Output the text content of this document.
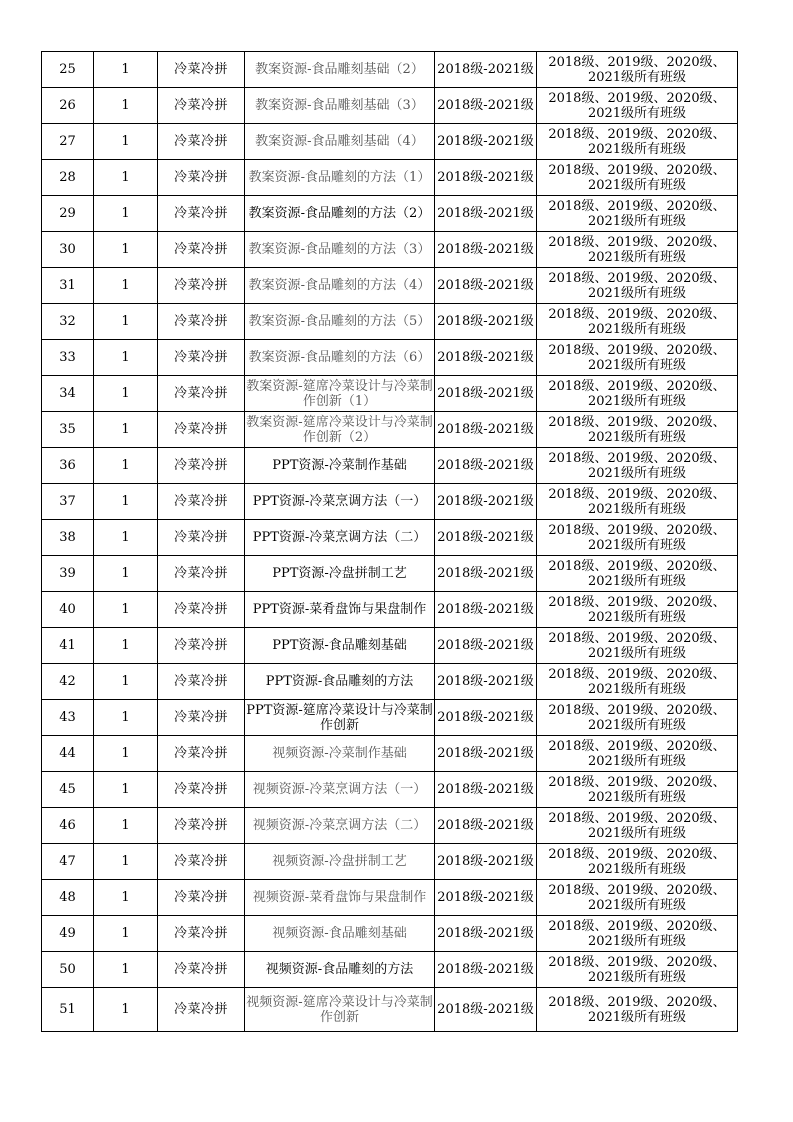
25	1	冷菜冷拼	教案资源-食品雕刻基础（2）	2018级-2021级	2018级、2019级、2020级、2021级所有班级
26	1	冷菜冷拼	教案资源-食品雕刻基础（3）	2018级-2021级	2018级、2019级、2020级、2021级所有班级
27	1	冷菜冷拼	教案资源-食品雕刻基础（4）	2018级-2021级	2018级、2019级、2020级、2021级所有班级
28	1	冷菜冷拼	教案资源-食品雕刻的方法（1）	2018级-2021级	2018级、2019级、2020级、2021级所有班级
29	1	冷菜冷拼	教案资源-食品雕刻的方法（2）	2018级-2021级	2018级、2019级、2020级、2021级所有班级
30	1	冷菜冷拼	教案资源-食品雕刻的方法（3）	2018级-2021级	2018级、2019级、2020级、2021级所有班级
31	1	冷菜冷拼	教案资源-食品雕刻的方法（4）	2018级-2021级	2018级、2019级、2020级、2021级所有班级
32	1	冷菜冷拼	教案资源-食品雕刻的方法（5）	2018级-2021级	2018级、2019级、2020级、2021级所有班级
33	1	冷菜冷拼	教案资源-食品雕刻的方法（6）	2018级-2021级	2018级、2019级、2020级、2021级所有班级
34	1	冷菜冷拼	教案资源-筵席冷菜设计与冷菜制作创新（1）	2018级-2021级	2018级、2019级、2020级、2021级所有班级
35	1	冷菜冷拼	教案资源-筵席冷菜设计与冷菜制作创新（2）	2018级-2021级	2018级、2019级、2020级、2021级所有班级
36	1	冷菜冷拼	PPT资源-冷菜制作基础	2018级-2021级	2018级、2019级、2020级、2021级所有班级
37	1	冷菜冷拼	PPT资源-冷菜烹调方法（一）	2018级-2021级	2018级、2019级、2020级、2021级所有班级
38	1	冷菜冷拼	PPT资源-冷菜烹调方法（二）	2018级-2021级	2018级、2019级、2020级、2021级所有班级
39	1	冷菜冷拼	PPT资源-冷盘拼制工艺	2018级-2021级	2018级、2019级、2020级、2021级所有班级
40	1	冷菜冷拼	PPT资源-菜肴盘饰与果盘制作	2018级-2021级	2018级、2019级、2020级、2021级所有班级
41	1	冷菜冷拼	PPT资源-食品雕刻基础	2018级-2021级	2018级、2019级、2020级、2021级所有班级
42	1	冷菜冷拼	PPT资源-食品雕刻的方法	2018级-2021级	2018级、2019级、2020级、2021级所有班级
43	1	冷菜冷拼	PPT资源-筵席冷菜设计与冷菜制作创新	2018级-2021级	2018级、2019级、2020级、2021级所有班级
44	1	冷菜冷拼	视频资源-冷菜制作基础	2018级-2021级	2018级、2019级、2020级、2021级所有班级
45	1	冷菜冷拼	视频资源-冷菜烹调方法（一）	2018级-2021级	2018级、2019级、2020级、2021级所有班级
46	1	冷菜冷拼	视频资源-冷菜烹调方法（二）	2018级-2021级	2018级、2019级、2020级、2021级所有班级
47	1	冷菜冷拼	视频资源-冷盘拼制工艺	2018级-2021级	2018级、2019级、2020级、2021级所有班级
48	1	冷菜冷拼	视频资源-菜肴盘饰与果盘制作	2018级-2021级	2018级、2019级、2020级、2021级所有班级
49	1	冷菜冷拼	视频资源-食品雕刻基础	2018级-2021级	2018级、2019级、2020级、2021级所有班级
50	1	冷菜冷拼	视频资源-食品雕刻的方法	2018级-2021级	2018级、2019级、2020级、2021级所有班级
51	1	冷菜冷拼	视频资源-筵席冷菜设计与冷菜制作创新	2018级-2021级	2018级、2019级、2020级、2021级所有班级
